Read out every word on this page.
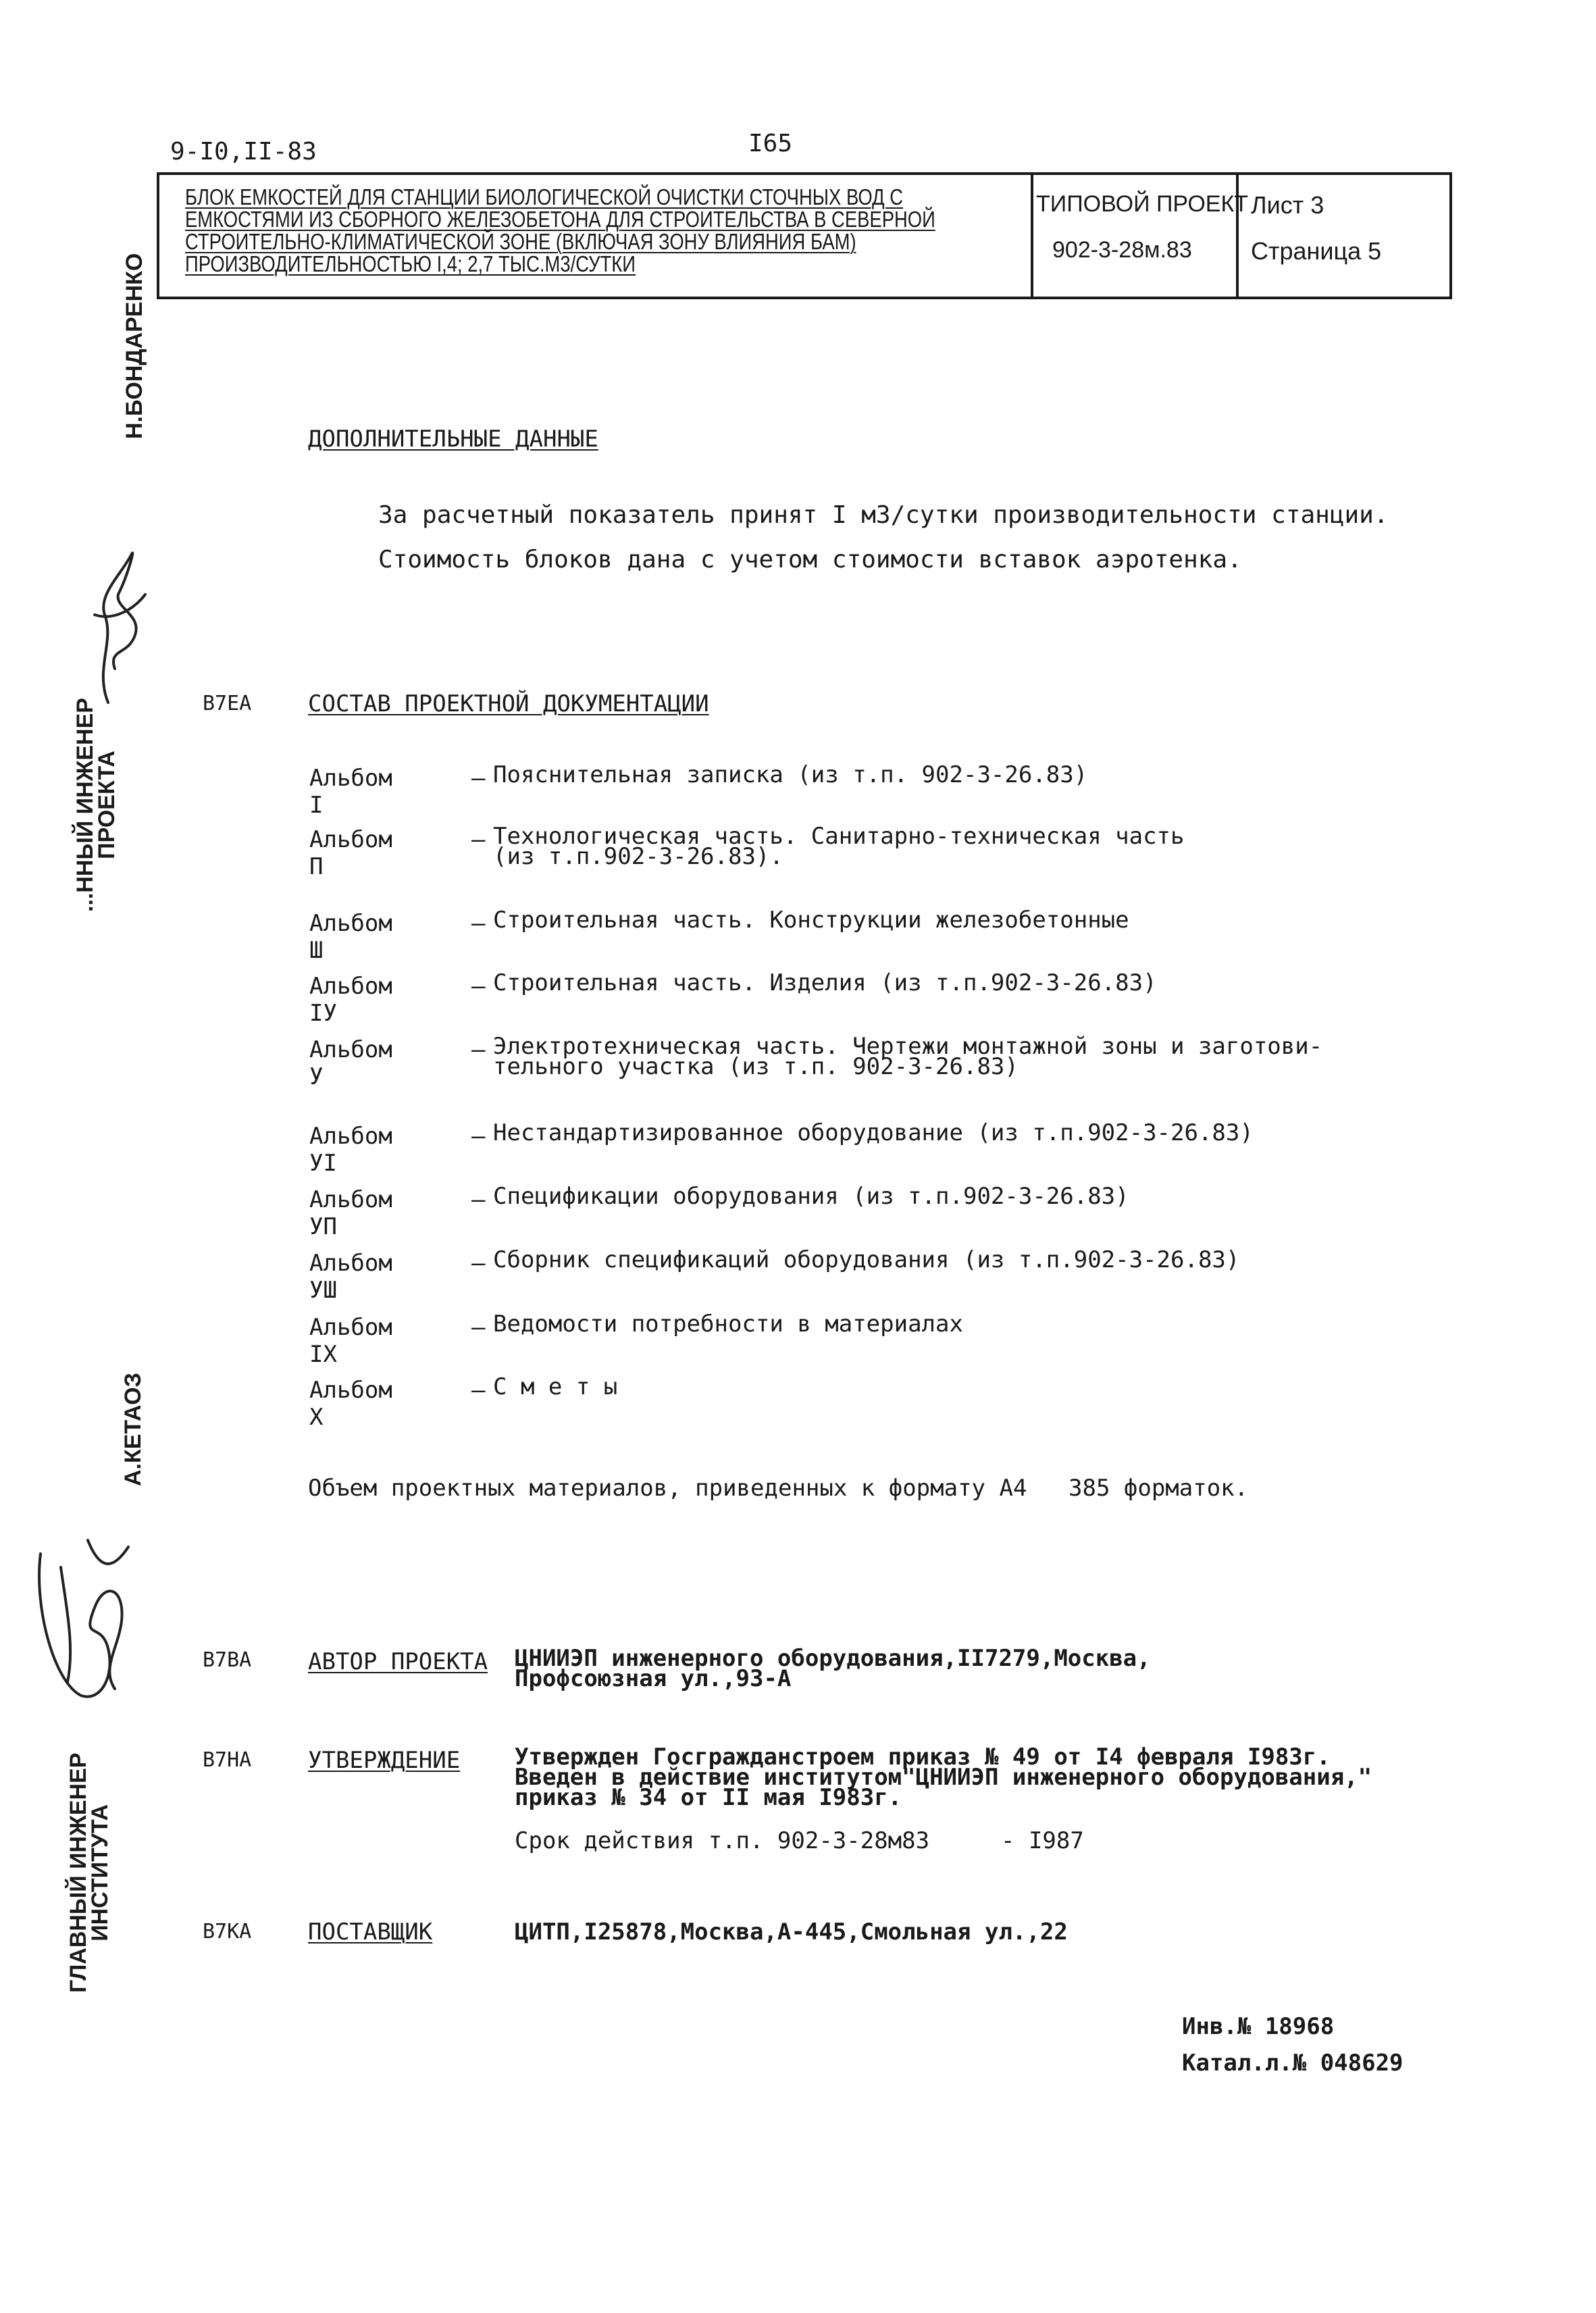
9-I0,II-83	I65
БЛОК ЕМКОСТЕЙ ДЛЯ СТАНЦИИ БИОЛОГИЧЕСКОЙ ОЧИСТКИ СТОЧНЫХ ВОД С
ЕМКОСТЯМИ ИЗ СБОРНОГО ЖЕЛЕЗОБЕТОНА ДЛЯ СТРОИТЕЛЬСТВА В СЕВЕРНОЙ
СТРОИТЕЛЬНО-КЛИМАТИЧЕСКОЙ ЗОНЕ (ВКЛЮЧАЯ ЗОНУ ВЛИЯНИЯ БАМ)
ПРОИЗВОДИТЕЛЬНОСТЬЮ I,4; 2,7 ТЫС.М3/СУТКИ
ТИПОВОЙ ПРОЕКТ
902-3-28м.83
Лист 3
Страница 5
Н.БОНДАРЕНКО
...ННЫЙ ИНЖЕНЕР
ПРОЕКТА
А.КЕТАОЗ
ГЛАВНЫЙ ИНЖЕНЕР
ИНСТИТУТА
ДОПОЛНИТЕЛЬНЫЕ ДАННЫЕ
За расчетный показатель принят I м3/сутки производительности станции.
Стоимость блоков дана с учетом стоимости вставок аэротенка.
В7ЕА СОСТАВ ПРОЕКТНОЙ ДОКУМЕНТАЦИИ
Альбом I
– Пояснительная записка (из т.п. 902-3-26.83)
Альбом П
– Технологическая часть. Санитарно-техническая часть
(из т.п.902-3-26.83).
Альбом Ш
– Строительная часть. Конструкции железобетонные
Альбом IУ
– Строительная часть. Изделия (из т.п.902-3-26.83)
Альбом У
– Электротехническая часть. Чертежи монтажной зоны и заготови-
тельного участка (из т.п. 902-3-26.83)
Альбом УI
– Нестандартизированное оборудование (из т.п.902-3-26.83)
Альбом УП
– Спецификации оборудования (из т.п.902-3-26.83)
Альбом УШ
– Сборник спецификаций оборудования (из т.п.902-3-26.83)
Альбом IX
– Ведомости потребности в материалах
Альбом Х
– С м е т ы
Объем проектных материалов, приведенных к формату А4 385 форматок.
В7ВА АВТОР ПРОЕКТА ЦНИИЭП инженерного оборудования,II7279,Москва,
Профсоюзная ул.,93-А
В7НА УТВЕРЖДЕНИЕ Утвержден Госгражданстроем приказ № 49 от I4 февраля I983г.
Введен в действие институтом"ЦНИИЭП инженерного оборудования,"
приказ № 34 от II мая I983г.
Срок действия т.п. 902-3-28м83	- I987
В7КА ПОСТАВЩИК	ЦИТП,I25878,Москва,А-445,Смольная ул.,22
Инв.№ 18968
Катал.л.№ 048629
